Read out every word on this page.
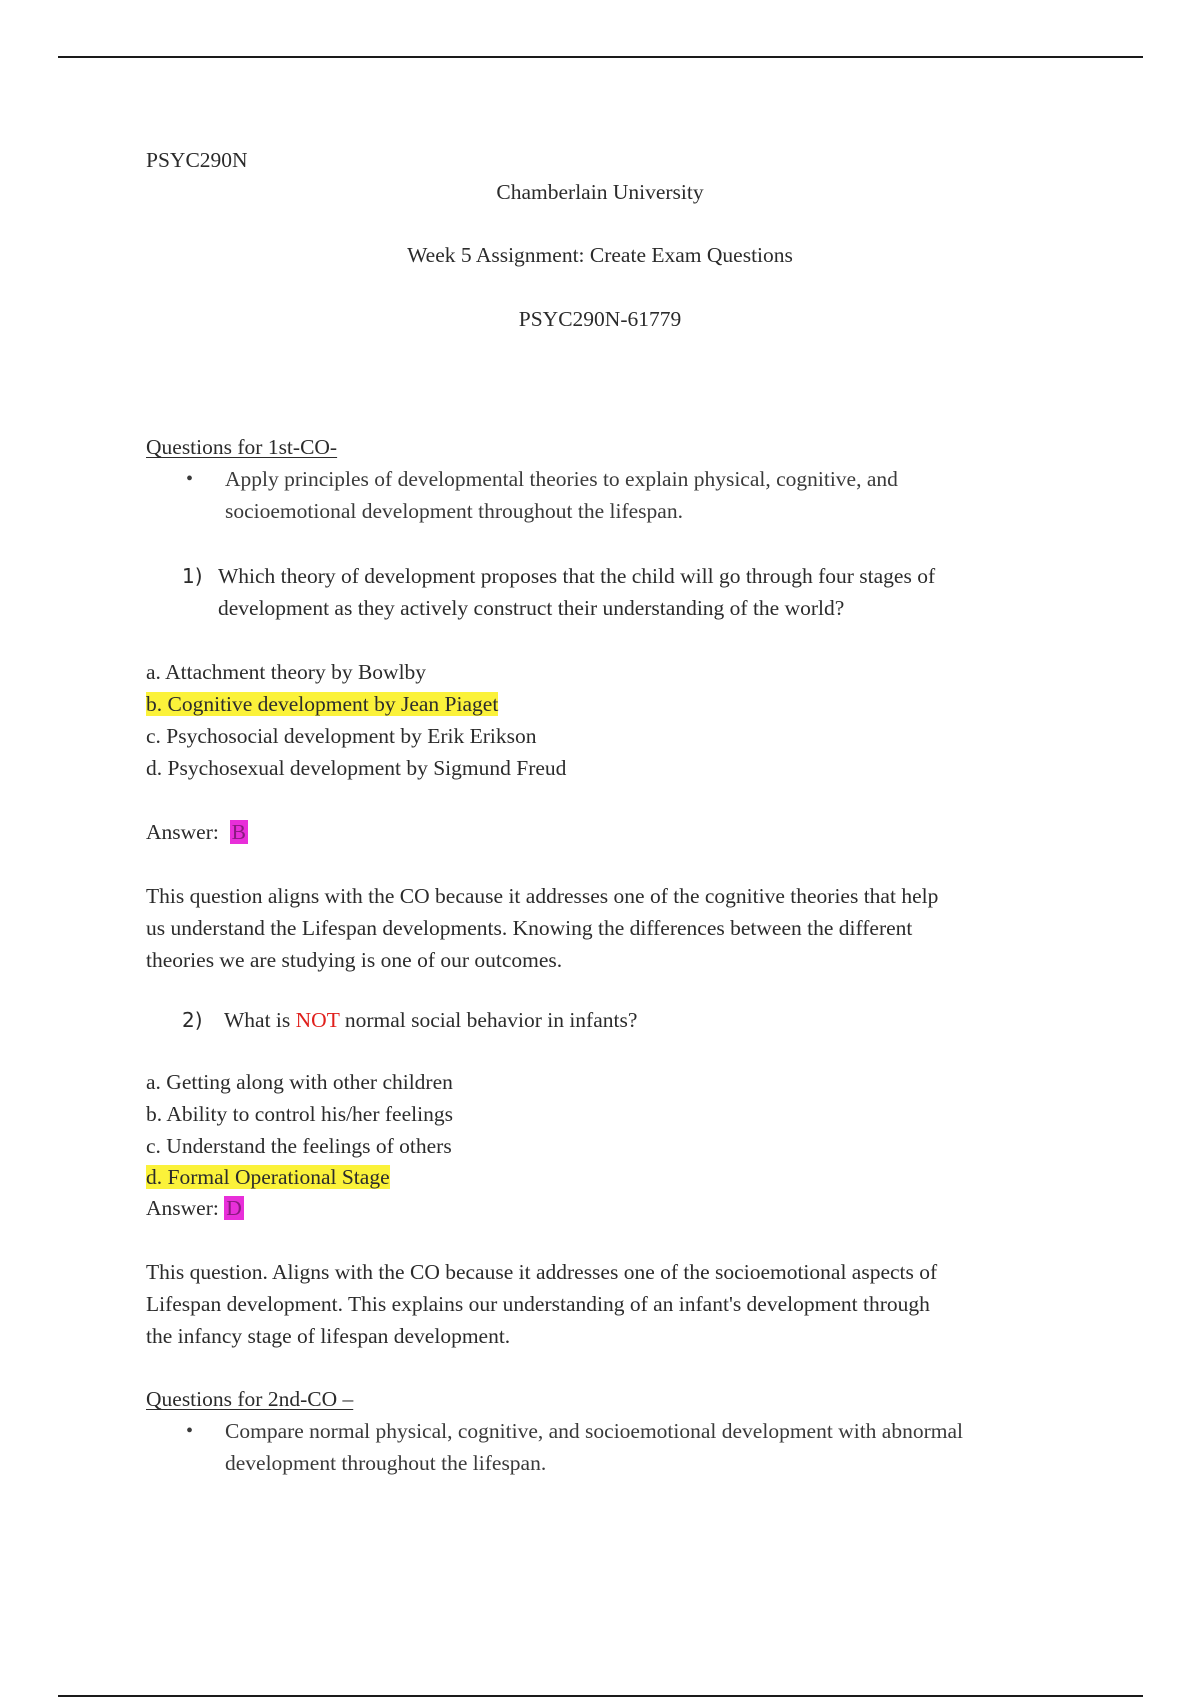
PSYC290N
Chamberlain University
Week 5 Assignment: Create Exam Questions
PSYC290N-61779
Questions for 1st-CO-
• Apply principles of developmental theories to explain physical, cognitive, and
socioemotional development throughout the lifespan.
1) Which theory of development proposes that the child will go through four stages of
development as they actively construct their understanding of the world?
a. Attachment theory by Bowlby
b. Cognitive development by Jean Piaget
c. Psychosocial development by Erik Erikson
d. Psychosexual development by Sigmund Freud
Answer: B
This question aligns with the CO because it addresses one of the cognitive theories that help
us understand the Lifespan developments. Knowing the differences between the different
theories we are studying is one of our outcomes.
2) What is NOT normal social behavior in infants?
a. Getting along with other children
b. Ability to control his/her feelings
c. Understand the feelings of others
d. Formal Operational Stage
Answer: D
This question. Aligns with the CO because it addresses one of the socioemotional aspects of
Lifespan development. This explains our understanding of an infant's development through
the infancy stage of lifespan development.
Questions for 2nd-CO –
• Compare normal physical, cognitive, and socioemotional development with abnormal
development throughout the lifespan.
